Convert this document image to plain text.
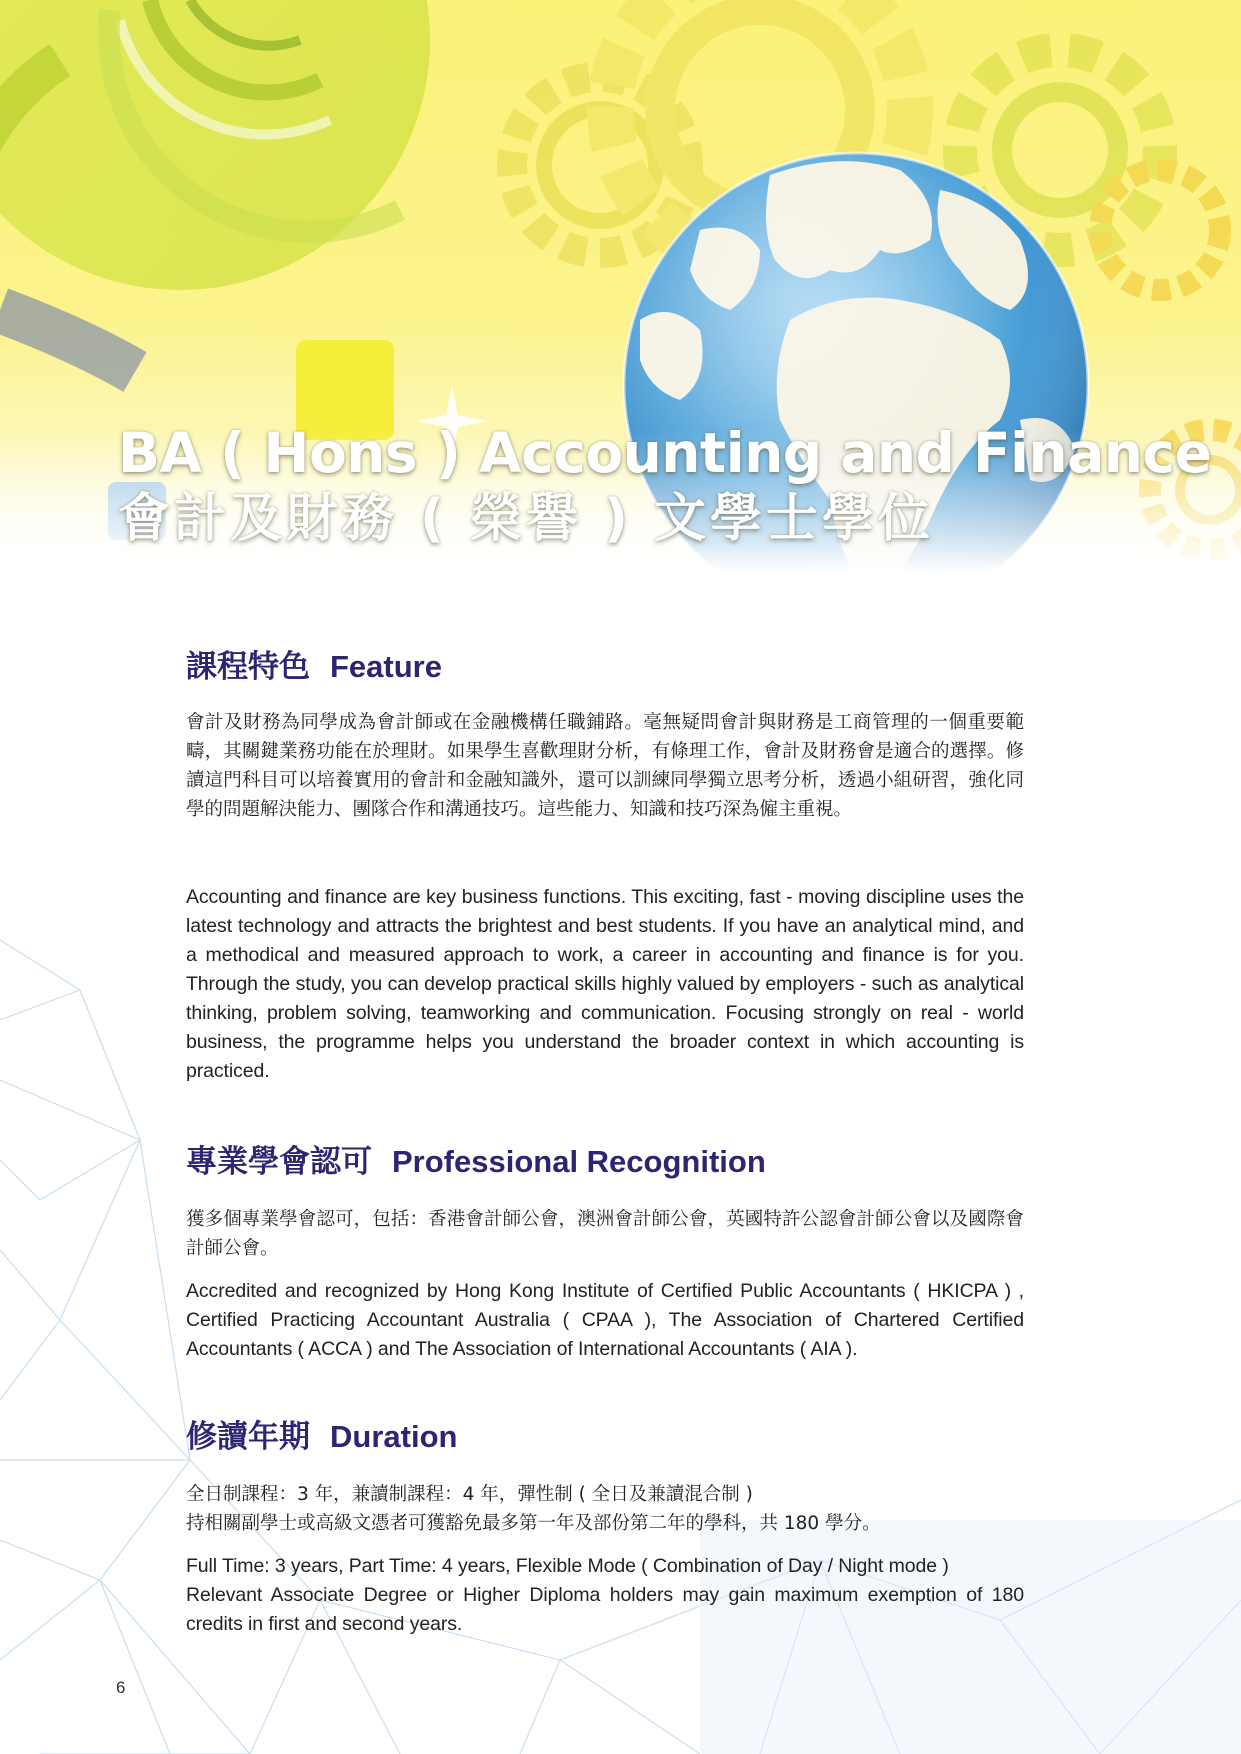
BA ( Hons ) Accounting and Finance
會計及財務 ( 榮譽 ) 文學士學位
課程特色 Feature

會計及財務為同學成為會計師或在金融機構任職鋪路。毫無疑問會計與財務是工商管理的一個重要範疇，其關鍵業務功能在於理財。如果學生喜歡理財分析，有條理工作，會計及財務會是適合的選擇。修讀這門科目可以培養實用的會計和金融知識外，還可以訓練同學獨立思考分析，透過小組研習，強化同學的問題解決能力、團隊合作和溝通技巧。這些能力、知識和技巧深為僱主重視。

Accounting and finance are key business functions. This exciting, fast - moving discipline uses the latest technology and attracts the brightest and best students. If you have an analytical mind, and a methodical and measured approach to work, a career in accounting and finance is for you. Through the study, you can develop practical skills highly valued by employers - such as analytical thinking, problem solving, teamworking and communication. Focusing strongly on real - world business, the programme helps you understand the broader context in which accounting is practiced.

專業學會認可 Professional Recognition

獲多個專業學會認可，包括：香港會計師公會，澳洲會計師公會，英國特許公認會計師公會以及國際會計師公會。

Accredited and recognized by Hong Kong Institute of Certified Public Accountants ( HKICPA ) , Certified Practicing Accountant Australia ( CPAA ), The Association of Chartered Certified Accountants ( ACCA ) and The Association of International Accountants ( AIA ).

修讀年期 Duration

全日制課程：3 年，兼讀制課程：4 年，彈性制 ( 全日及兼讀混合制 )

持相關副學士或高級文憑者可獲豁免最多第一年及部份第二年的學科，共 180 學分。

Full Time: 3 years, Part Time: 4 years, Flexible Mode ( Combination of Day / Night mode )

Relevant Associate Degree or Higher Diploma holders may gain maximum exemption of 180 credits in first and second years.

6
